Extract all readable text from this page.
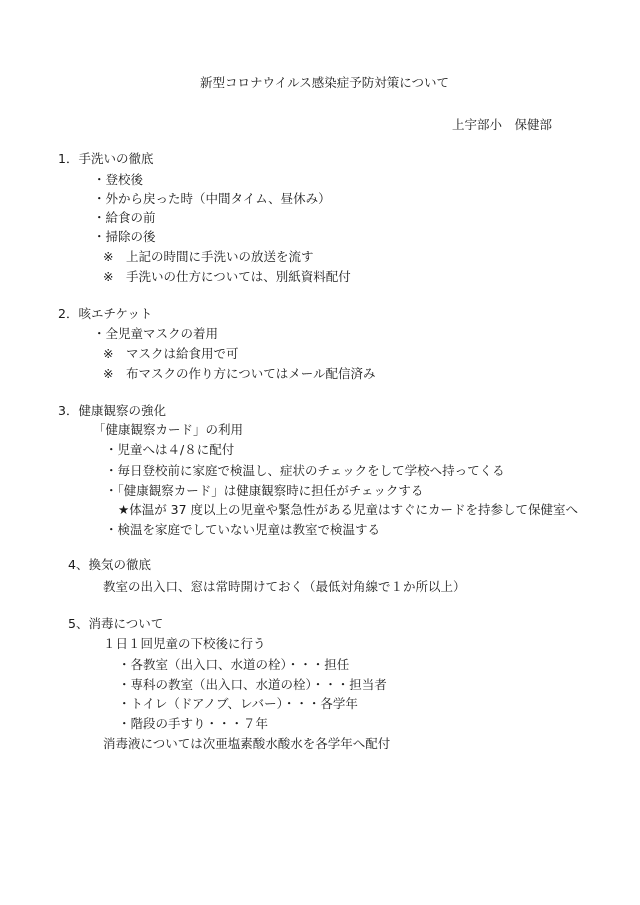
新型コロナウイルス感染症予防対策について
上宇部小　保健部
1．手洗いの徹底
・登校後
・外から戻った時（中間タイム、昼休み）
・給食の前
・掃除の後
※　上記の時間に手洗いの放送を流す
※　手洗いの仕方については、別紙資料配付
2．咳エチケット
・全児童マスクの着用
※　マスクは給食用で可
※　布マスクの作り方についてはメール配信済み
3．健康観察の強化
「健康観察カード」の利用
・児童へは４/８に配付
・毎日登校前に家庭で検温し、症状のチェックをして学校へ持ってくる
・「健康観察カード」は健康観察時に担任がチェックする
★体温が 37 度以上の児童や緊急性がある児童はすぐにカードを持参して保健室へ
・検温を家庭でしていない児童は教室で検温する
4、換気の徹底
教室の出入口、窓は常時開けておく（最低対角線で１か所以上）
5、消毒について
１日１回児童の下校後に行う
・各教室（出入口、水道の栓）・・・担任
・専科の教室（出入口、水道の栓）・・・担当者
・トイレ（ドアノブ、レバー）・・・各学年
・階段の手すり・・・７年
消毒液については次亜塩素酸水酸水を各学年へ配付
